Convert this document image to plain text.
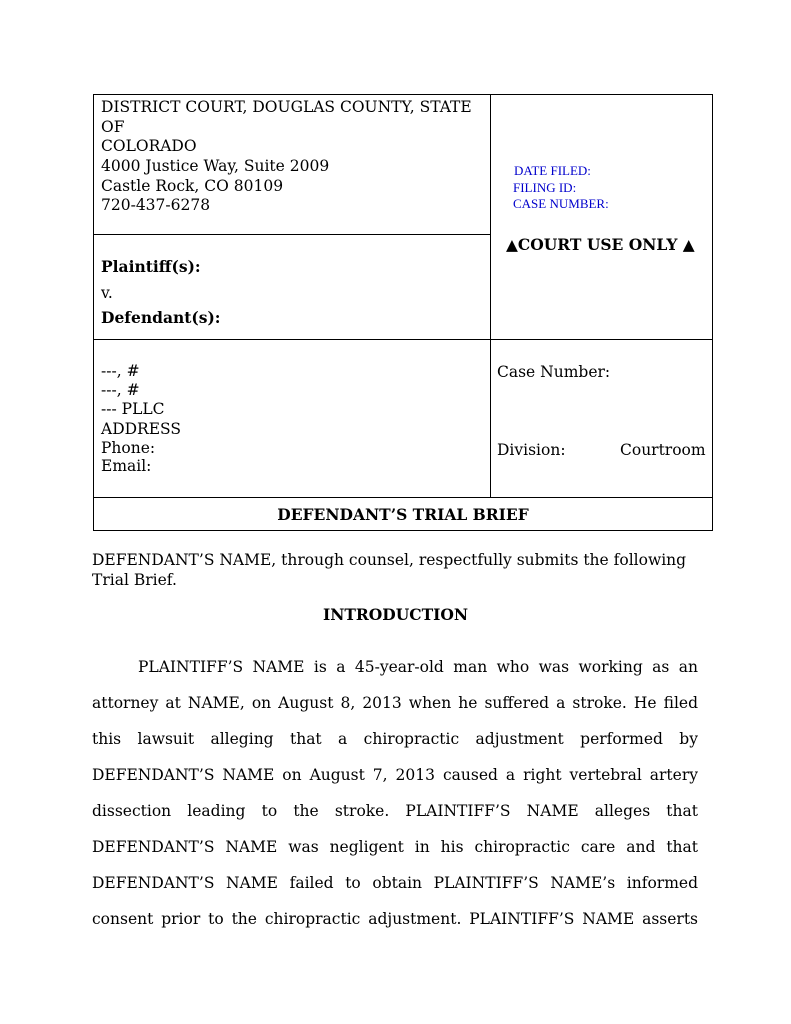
DISTRICT COURT, DOUGLAS COUNTY, STATE
OF
COLORADO
4000 Justice Way, Suite 2009
Castle Rock, CO 80109
720-437-6278
DATE FILED:
FILING ID:
CASE NUMBER:
▲COURT USE ONLY ▲
Plaintiff(s):
v.
Defendant(s):
---, #
---, #
--- PLLC
ADDRESS
Phone:
Email:
Case Number:
Division:	Courtroom
DEFENDANT’S TRIAL BRIEF
DEFENDANT’S NAME, through counsel, respectfully submits the following
Trial Brief.
INTRODUCTION
PLAINTIFF’S NAME is a 45-year-old man who was working as an
attorney at NAME, on August 8, 2013 when he suffered a stroke. He filed
this lawsuit alleging that a chiropractic adjustment performed by
DEFENDANT’S NAME on August 7, 2013 caused a right vertebral artery
dissection leading to the stroke. PLAINTIFF’S NAME alleges that
DEFENDANT’S NAME was negligent in his chiropractic care and that
DEFENDANT’S NAME failed to obtain PLAINTIFF’S NAME’s informed
consent prior to the chiropractic adjustment. PLAINTIFF’S NAME asserts
